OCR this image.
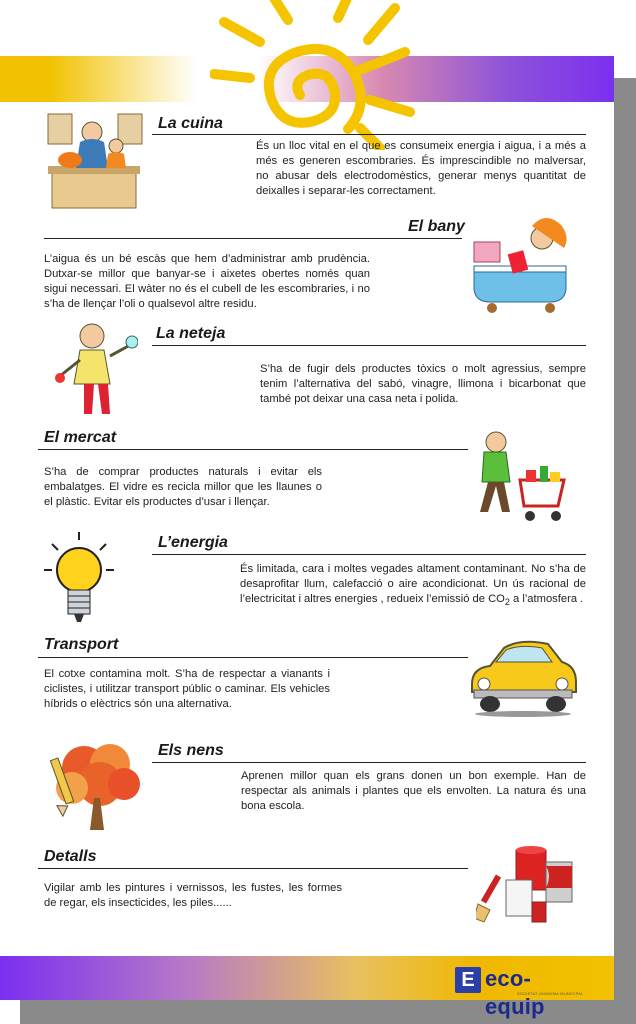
La cuina

És un lloc vital en el que es consumeix energia i aigua, i a més a més es generen escombraries. És imprescindible no malversar, no abusar dels electrodomèstics, generar menys quantitat de deixalles i separar-les correctament.

El bany

L’aigua és un bé escàs que hem d’administrar amb prudència. Dutxar-se millor que banyar-se i aixetes obertes només quan sigui necessari. El wàter no és el cubell de les escombraries, i no s’ha de llençar l’oli o qualsevol altre residu.

La neteja

S’ha de fugir dels productes tòxics o molt agressius, sempre tenim l’alternativa del sabó, vinagre, llimona i bicarbonat que també pot deixar una casa neta i polida.

El mercat

S’ha de comprar productes naturals i evitar els embalatges. El vidre es recicla millor que les llaunes o el plàstic. Evitar els productes d’usar i llençar.

L’energia

És limitada, cara i moltes vegades altament contaminant. No s’ha de desaprofitar llum, calefacció o aire acondicionat. Un ús racional de l’electricitat i altres energies , redueix l’emissió de $CO_2$ a l’atmosfera .

Transport

El cotxe contamina molt. S’ha de respectar a vianants i ciclistes, i utilitzar transport públic o caminar. Els vehicles híbrids o elèctrics són una alternativa.

Els nens

Aprenen millor quan els grans donen un bon exemple. Han de respectar als animals i plantes que els envolten. La natura és una bona escola.

Detalls

Vigilar amb les pintures i vernissos, les fustes, les formes de regar, els insecticides, les piles......

E eco-equip
SOCIETAT ANÒNIMA MUNICIPAL
